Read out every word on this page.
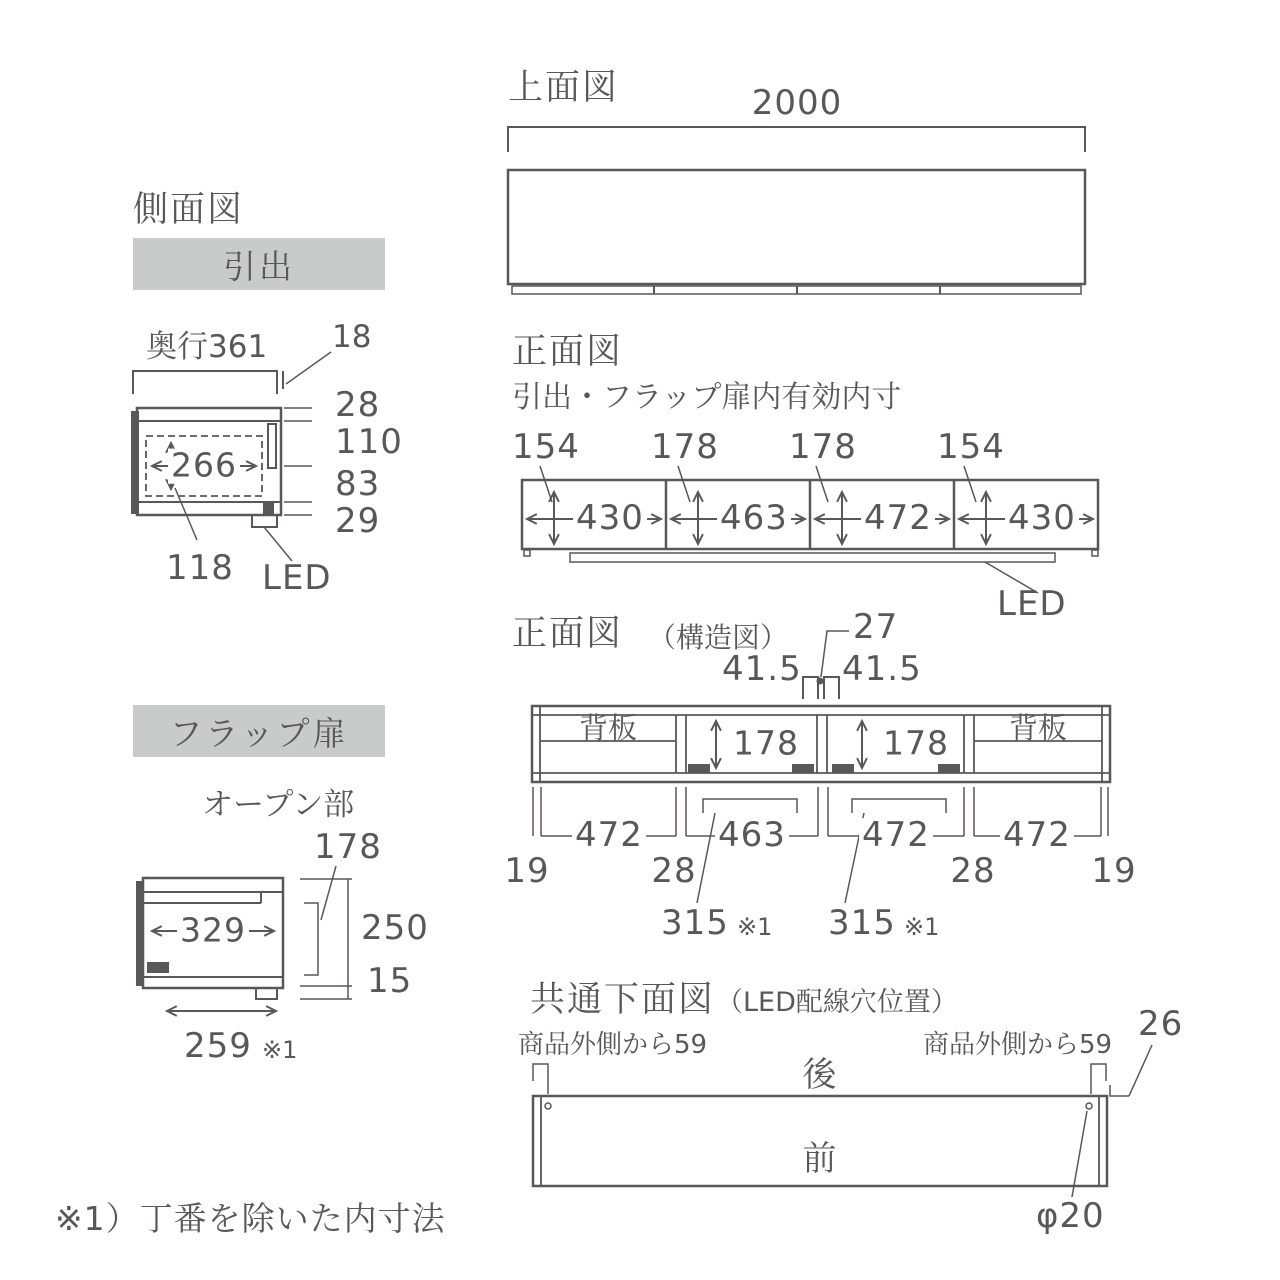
上面図	2000
側面図
引出
奥行361 18
266
28
110
83
29
118 LED
正面図
引出・フラップ扉内有効内寸
154 178 178 154
430 463 472 430
LED
正面図 （構造図） 27
41.5 41.5
背板	背板
178	178
472 463 472 472
19	28	28	19
315 ※1 315 ※1
フラップ扉
オープン部
178
329	250
15
259 ※1
共通下面図 （LED配線穴位置）
商品外側から59	商品外側から59
26
後
前
φ20
※1）丁番を除いた内寸法
